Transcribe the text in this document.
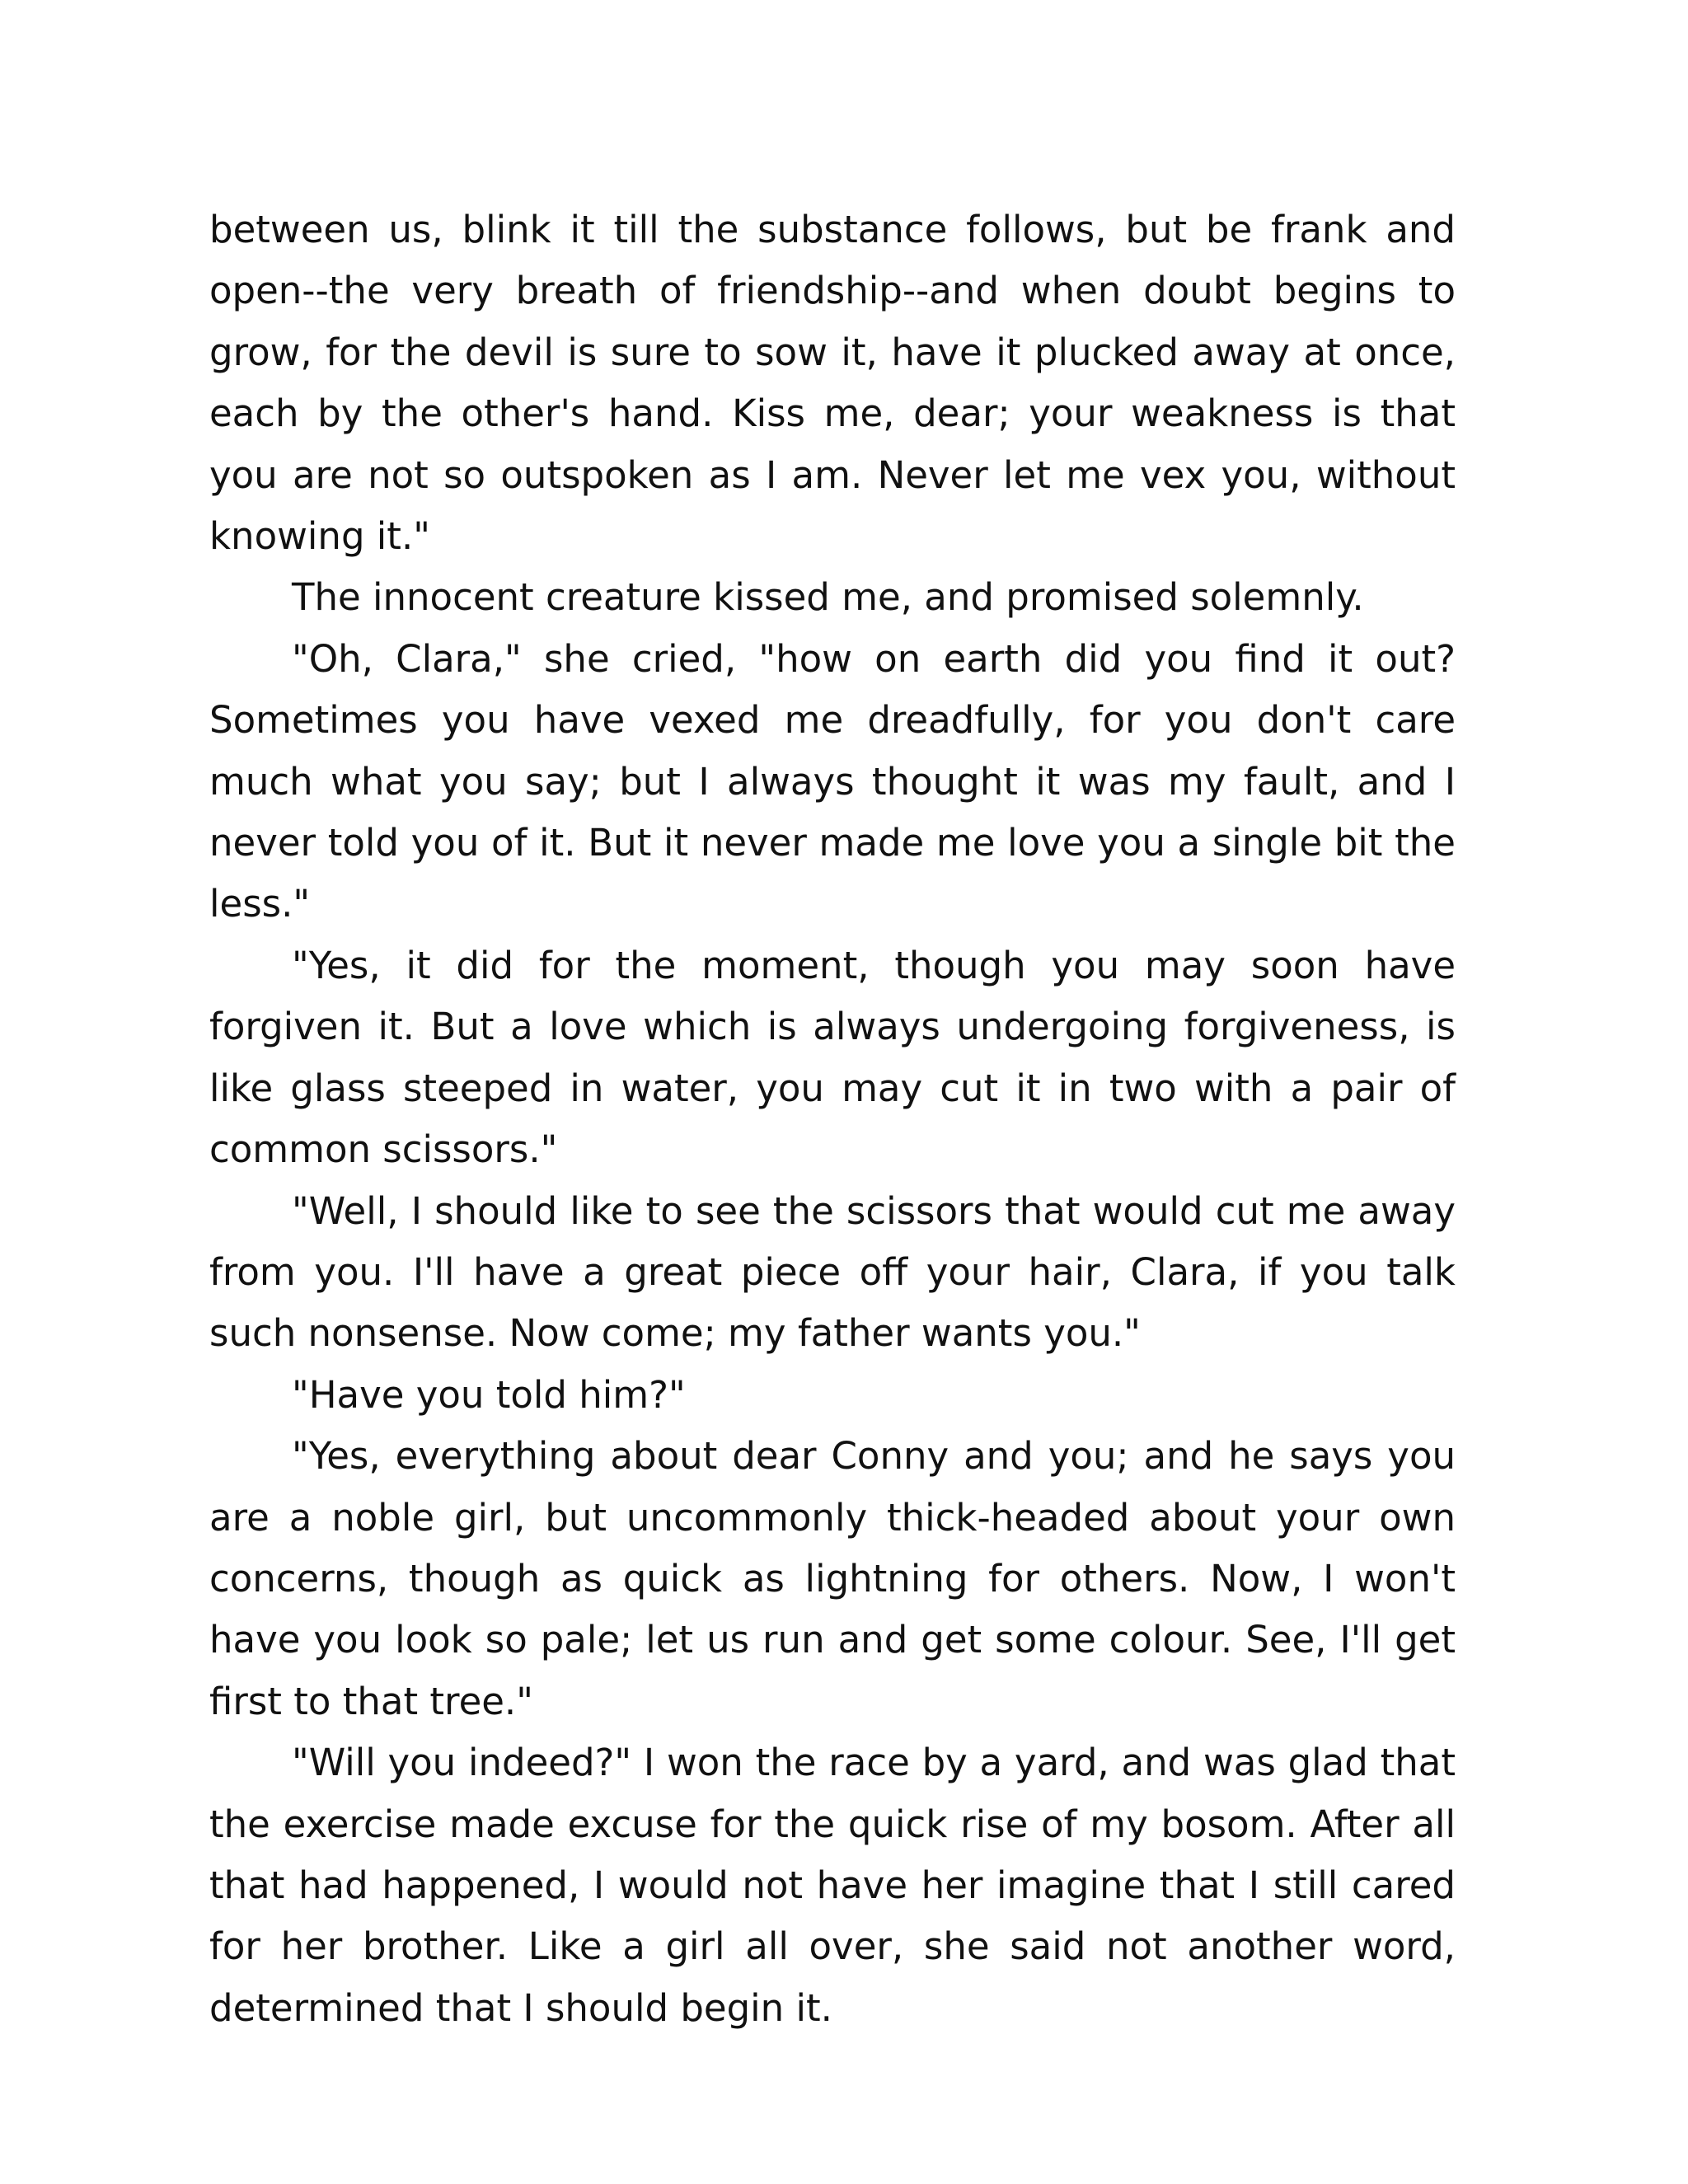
between us, blink it till the substance follows, but be frank and open--the very breath of friendship--and when doubt begins to grow, for the devil is sure to sow it, have it plucked away at once, each by the other's hand. Kiss me, dear; your weakness is that you are not so outspoken as I am. Never let me vex you, without knowing it."

The innocent creature kissed me, and promised solemnly.

"Oh, Clara," she cried, "how on earth did you find it out? Sometimes you have vexed me dreadfully, for you don't care much what you say; but I always thought it was my fault, and I never told you of it. But it never made me love you a single bit the less."

"Yes, it did for the moment, though you may soon have forgiven it. But a love which is always undergoing forgiveness, is like glass steeped in water, you may cut it in two with a pair of common scissors."

"Well, I should like to see the scissors that would cut me away from you. I'll have a great piece off your hair, Clara, if you talk such nonsense. Now come; my father wants you."

"Have you told him?"

"Yes, everything about dear Conny and you; and he says you are a noble girl, but uncommonly thick-headed about your own concerns, though as quick as lightning for others. Now, I won't have you look so pale; let us run and get some colour. See, I'll get first to that tree."

"Will you indeed?" I won the race by a yard, and was glad that the exercise made excuse for the quick rise of my bosom. After all that had happened, I would not have her imagine that I still cared for her brother. Like a girl all over, she said not another word, determined that I should begin it.
